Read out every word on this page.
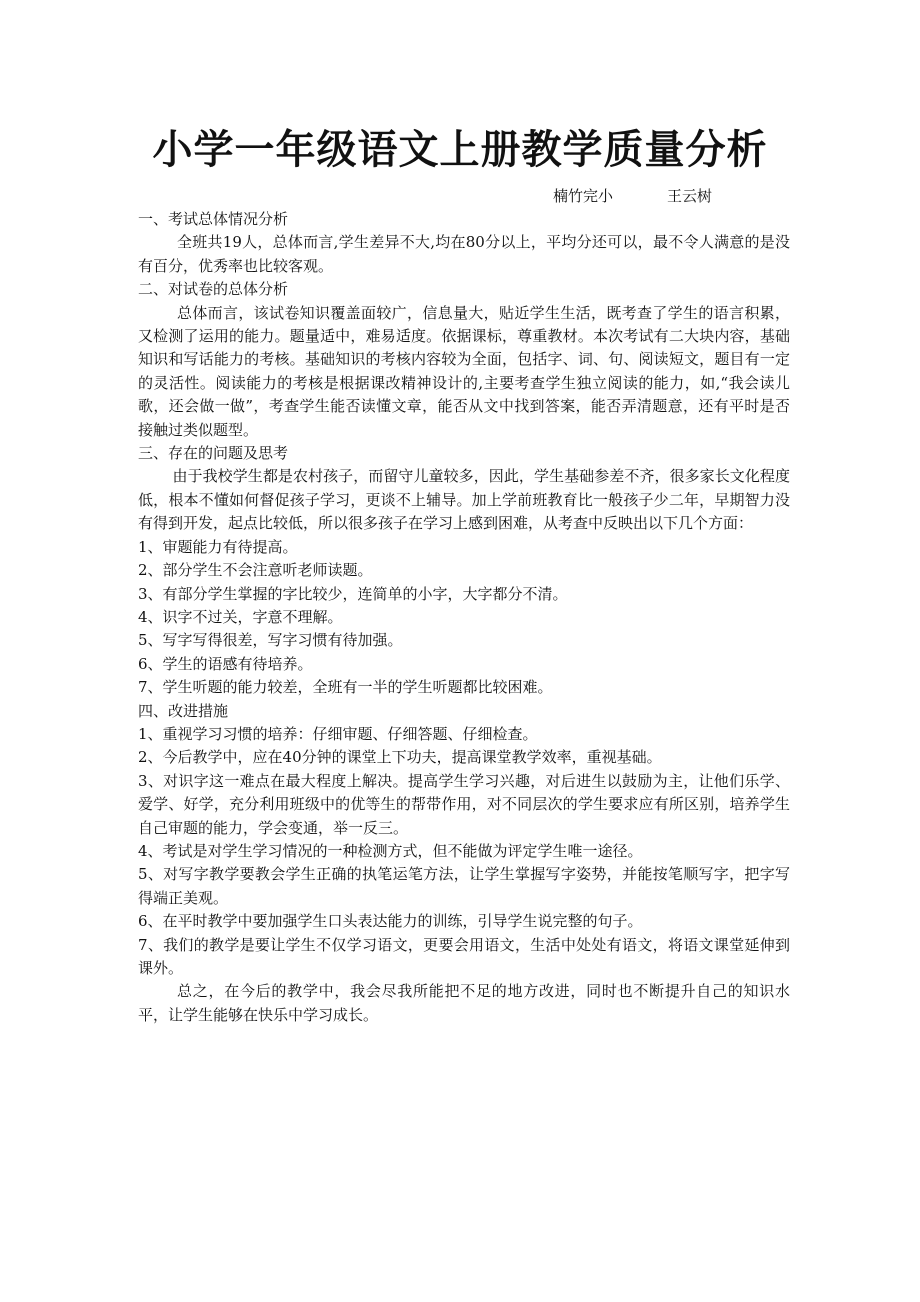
小学一年级语文上册教学质量分析
楠竹完小	王云树

一、考试总体情况分析

全班共19人，总体而言,学生差异不大,均在80分以上，平均分还可以，最不令人满意的是没有百分，优秀率也比较客观。

二、对试卷的总体分析

总体而言，该试卷知识覆盖面较广，信息量大，贴近学生生活，既考查了学生的语言积累，又检测了运用的能力。题量适中，难易适度。依据课标，尊重教材。本次考试有二大块内容，基础知识和写话能力的考核。基础知识的考核内容较为全面，包括字、词、句、阅读短文，题目有一定的灵活性。阅读能力的考核是根据课改精神设计的,主要考查学生独立阅读的能力，如,“我会读儿歌，还会做一做”，考查学生能否读懂文章，能否从文中找到答案，能否弄清题意，还有平时是否接触过类似题型。

三、存在的问题及思考

由于我校学生都是农村孩子，而留守儿童较多，因此，学生基础参差不齐，很多家长文化程度低，根本不懂如何督促孩子学习，更谈不上辅导。加上学前班教育比一般孩子少二年，早期智力没有得到开发，起点比较低，所以很多孩子在学习上感到困难，从考查中反映出以下几个方面：

1、审题能力有待提高。

2、部分学生不会注意听老师读题。

3、有部分学生掌握的字比较少，连简单的小字，大字都分不清。

4、识字不过关，字意不理解。

5、写字写得很差，写字习惯有待加强。

6、学生的语感有待培养。

7、学生听题的能力较差，全班有一半的学生听题都比较困难。

四、改进措施

1、重视学习习惯的培养：仔细审题、仔细答题、仔细检查。

2、今后教学中，应在40分钟的课堂上下功夫，提高课堂教学效率，重视基础。

3、对识字这一难点在最大程度上解决。提高学生学习兴趣，对后进生以鼓励为主，让他们乐学、爱学、好学，充分利用班级中的优等生的帮带作用，对不同层次的学生要求应有所区别，培养学生自己审题的能力，学会变通，举一反三。

4、考试是对学生学习情况的一种检测方式，但不能做为评定学生唯一途径。

5、对写字教学要教会学生正确的执笔运笔方法，让学生掌握写字姿势，并能按笔顺写字，把字写得端正美观。

6、在平时教学中要加强学生口头表达能力的训练，引导学生说完整的句子。

7、我们的教学是要让学生不仅学习语文，更要会用语文，生活中处处有语文，将语文课堂延伸到课外。

总之，在今后的教学中，我会尽我所能把不足的地方改进，同时也不断提升自己的知识水平，让学生能够在快乐中学习成长。
